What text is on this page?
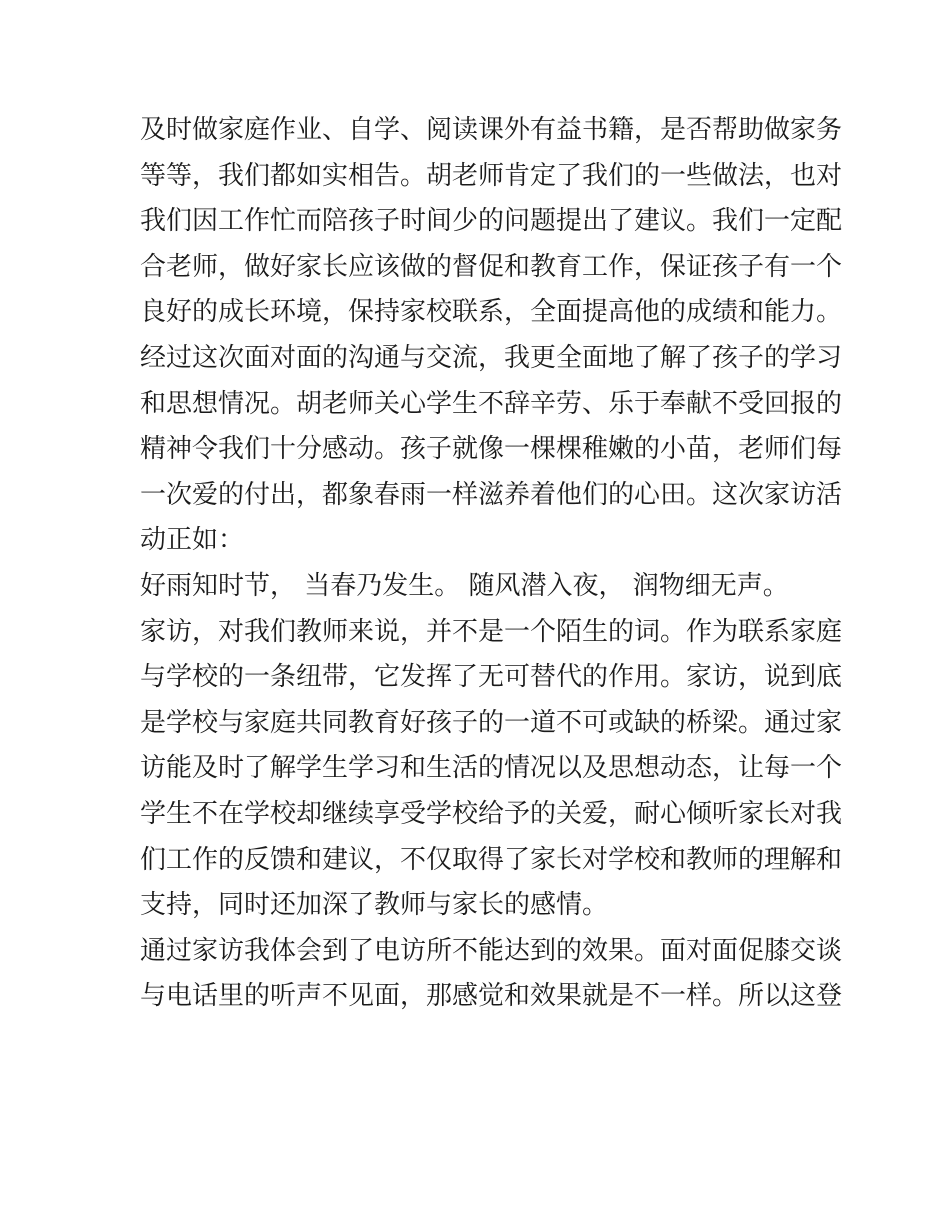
及时做家庭作业、自学、阅读课外有益书籍，是否帮助做家务
等等，我们都如实相告。胡老师肯定了我们的一些做法，也对
我们因工作忙而陪孩子时间少的问题提出了建议。我们一定配
合老师，做好家长应该做的督促和教育工作，保证孩子有一个
良好的成长环境，保持家校联系，全面提高他的成绩和能力。
经过这次面对面的沟通与交流，我更全面地了解了孩子的学习
和思想情况。胡老师关心学生不辞辛劳、乐于奉献不受回报的
精神令我们十分感动。孩子就像一棵棵稚嫩的小苗，老师们每
一次爱的付出，都象春雨一样滋养着他们的心田。这次家访活
动正如：
好雨知时节， 当春乃发生。 随风潜入夜， 润物细无声。
家访，对我们教师来说，并不是一个陌生的词。作为联系家庭
与学校的一条纽带，它发挥了无可替代的作用。家访，说到底
是学校与家庭共同教育好孩子的一道不可或缺的桥梁。通过家
访能及时了解学生学习和生活的情况以及思想动态，让每一个
学生不在学校却继续享受学校给予的关爱，耐心倾听家长对我
们工作的反馈和建议，不仅取得了家长对学校和教师的理解和
支持，同时还加深了教师与家长的感情。
通过家访我体会到了电访所不能达到的效果。面对面促膝交谈
与电话里的听声不见面，那感觉和效果就是不一样。所以这登
